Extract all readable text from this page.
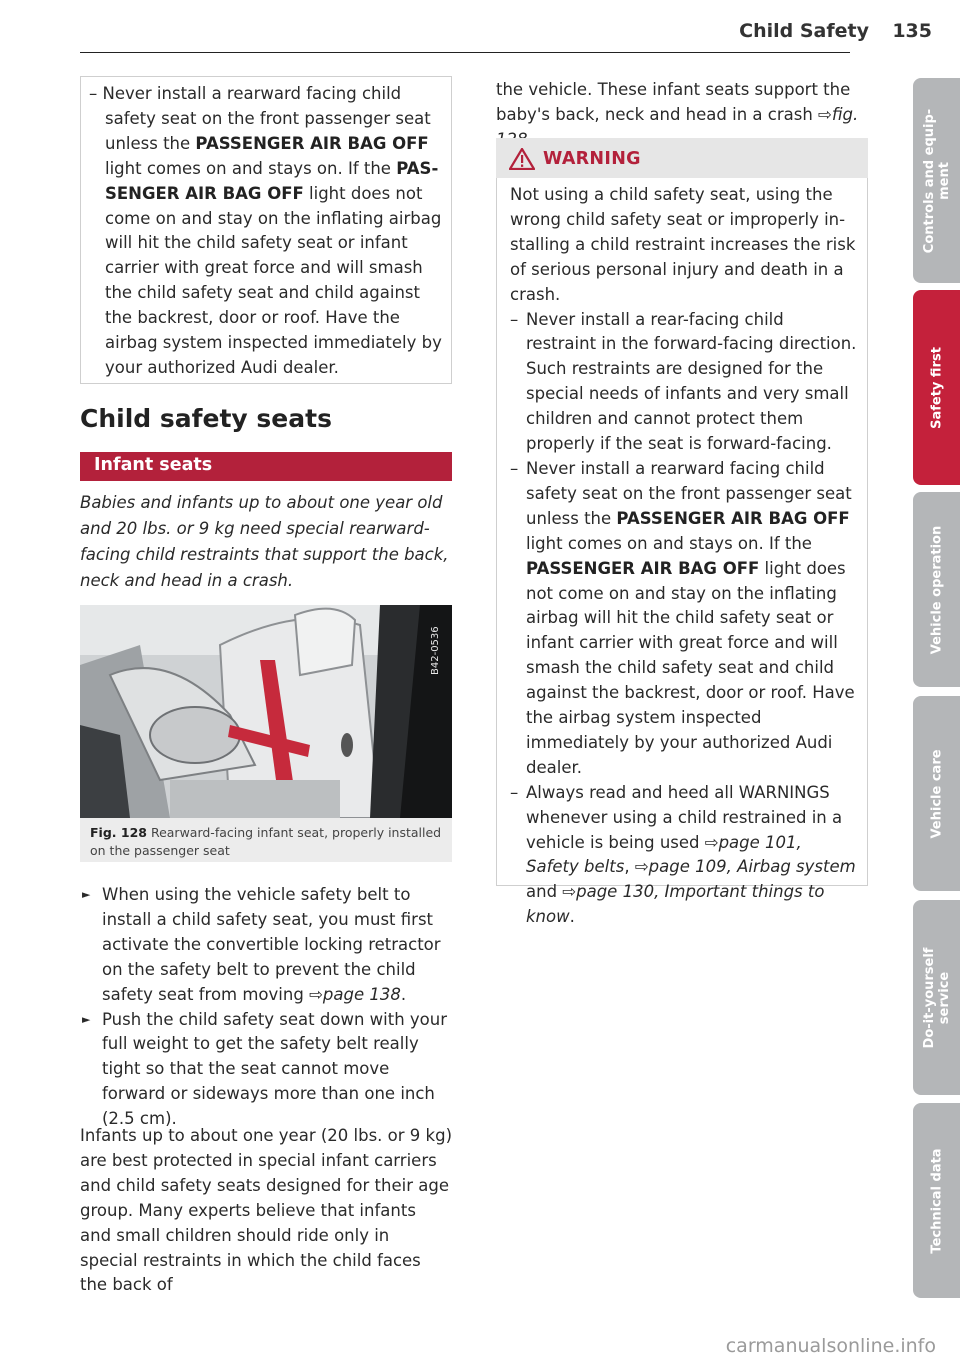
Child Safety 135

– Never install a rearward facing child safety seat on the front passenger seat unless the PASSENGER AIR BAG OFF light comes on and stays on. If the PASSENGER AIR BAG OFF light does not come on and stay on the inflating airbag will hit the child safety seat or infant carrier with great force and will smash the child safety seat and child against the backrest, door or roof. Have the airbag system inspected immediately by your authorized Audi dealer.

Child safety seats
Infant seats
Babies and infants up to about one year old and 20 lbs. or 9 kg need special rearward-facing child restraints that support the back, neck and head in a crash.
B42-0536
Fig. 128 Rearward-facing infant seat, properly installed on the passenger seat

► When using the vehicle safety belt to install a child safety seat, you must first activate the convertible locking retractor on the safety belt to prevent the child safety seat from moving ⇨page 138.

► Push the child safety seat down with your full weight to get the safety belt really tight so that the seat cannot move forward or sideways more than one inch (2.5 cm).

Infants up to about one year (20 lbs. or 9 kg) are best protected in special infant carriers and child safety seats designed for their age group. Many experts believe that infants and small children should ride only in special restraints in which the child faces the back of

the vehicle. These infant seats support the baby's back, neck and head in a crash ⇨fig.

WARNING

Not using a child safety seat, using the wrong child safety seat or improperly installing a child restraint increases the risk of serious personal injury and death in a crash.

– Never install a rear-facing child restraint in the forward-facing direction. Such restraints are designed for the special needs of infants and very small children and cannot protect them properly if the seat is forward-facing.

– Never install a rearward facing child safety seat on the front passenger seat unless the PASSENGER AIR BAG OFF light comes on and stays on. If the PASSENGER AIR BAG OFF light does not come on and stay on the inflating airbag will hit the child safety seat or infant carrier with great force and will smash the child safety seat and child against the backrest, door or roof. Have the airbag system inspected immediately by your authorized Audi dealer.

– Always read and heed all WARNINGS whenever using a child restrained in a vehicle is being used ⇨page 101, Safety belts, ⇨page 109, Airbag system and ⇨page 130, Important things to know.

Controls and equipment
Safety first
Vehicle operation
Vehicle care
Do-it-yourself service
Technical data
carmanualsonline.info
